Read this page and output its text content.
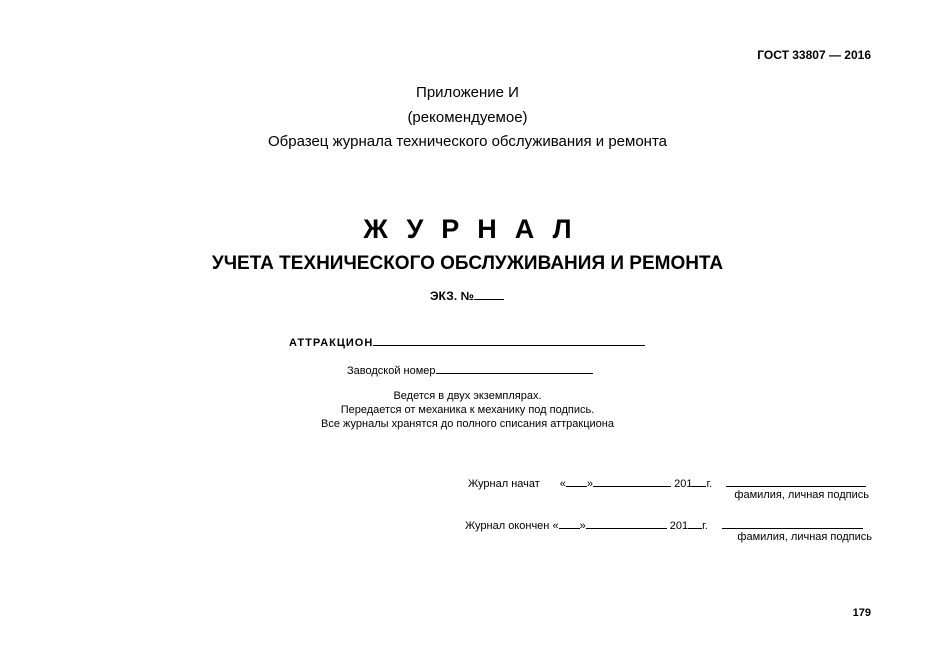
ГОСТ 33807 — 2016
Приложение И
(рекомендуемое)
Образец журнала технического обслуживания и ремонта
ЖУРНАЛ
УЧЕТА ТЕХНИЧЕСКОГО ОБСЛУЖИВАНИЯ И РЕМОНТА
ЭКЗ. №
АТТРАКЦИОН
Заводской номер
Ведется в двух экземплярах.
Передается от механика к механику под подпись.
Все журналы хранятся до полного списания аттракциона
Журнал начат « »	201 г.
фамилия, личная подпись
Журнал окончен « »	201 г.
фамилия, личная подпись
179
